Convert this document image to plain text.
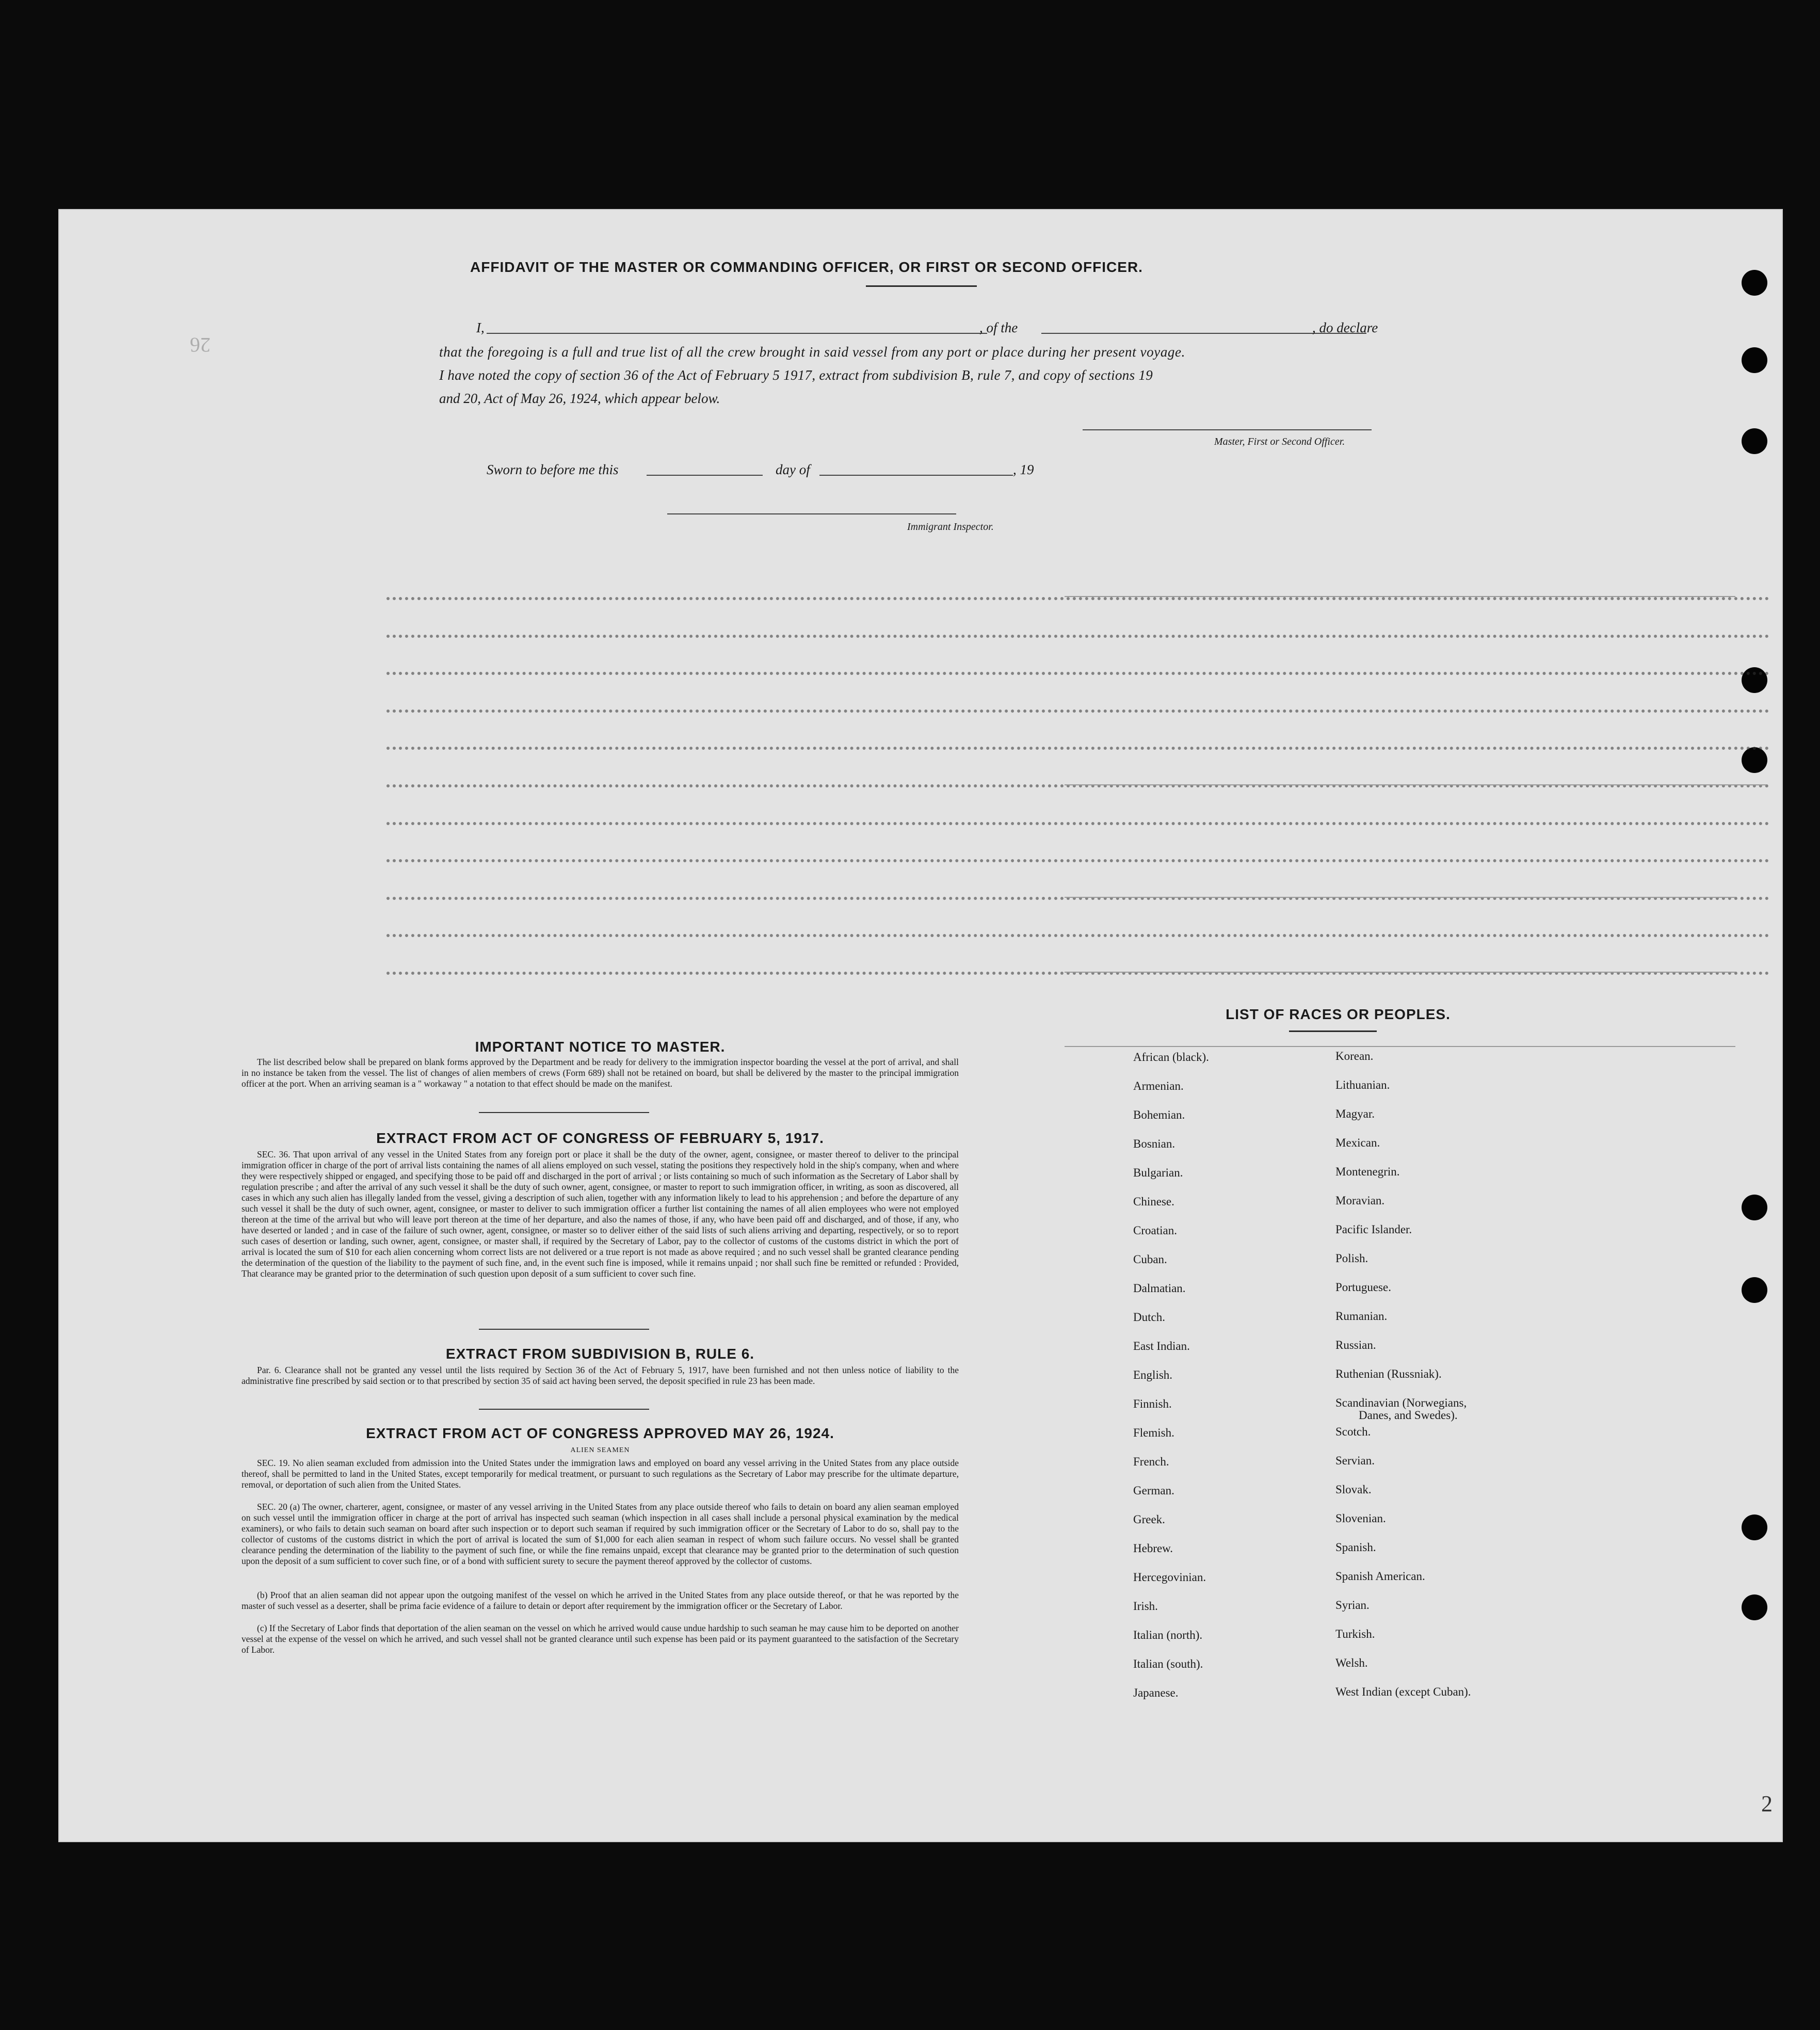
26
2
AFFIDAVIT OF THE MASTER OR COMMANDING OFFICER, OR FIRST OR SECOND OFFICER.
I,	, of the	, do declare
that the foregoing is a full and true list of all the crew brought in said vessel from any port or place during her present voyage.
I have noted the copy of section 36 of the Act of February 5 1917, extract from subdivision B, rule 7, and copy of sections 19
and 20, Act of May 26, 1924, which appear below.
Master, First or Second Officer.
Sworn to before me this	day of	, 19
Immigrant Inspector.
IMPORTANT NOTICE TO MASTER.
The list described below shall be prepared on blank forms approved by the Department and be ready for delivery to the immigration inspector boarding the vessel at the port of arrival, and shall in no instance be taken from the vessel. The list of changes of alien members of crews (Form 689) shall not be retained on board, but shall be delivered by the master to the principal immigration officer at the port. When an arriving seaman is a " workaway " a notation to that effect should be made on the manifest.
EXTRACT FROM ACT OF CONGRESS OF FEBRUARY 5, 1917.
SEC. 36. That upon arrival of any vessel in the United States from any foreign port or place it shall be the duty of the owner, agent, consignee, or master thereof to deliver to the principal immigration officer in charge of the port of arrival lists containing the names of all aliens employed on such vessel, stating the positions they respectively hold in the ship's company, when and where they were respectively shipped or engaged, and specifying those to be paid off and discharged in the port of arrival ; or lists containing so much of such information as the Secretary of Labor shall by regulation prescribe ; and after the arrival of any such vessel it shall be the duty of such owner, agent, consignee, or master to report to such immigration officer, in writing, as soon as discovered, all cases in which any such alien has illegally landed from the vessel, giving a description of such alien, together with any information likely to lead to his apprehension ; and before the departure of any such vessel it shall be the duty of such owner, agent, consignee, or master to deliver to such immigration officer a further list containing the names of all alien employees who were not employed thereon at the time of the arrival but who will leave port thereon at the time of her departure, and also the names of those, if any, who have been paid off and discharged, and of those, if any, who have deserted or landed ; and in case of the failure of such owner, agent, consignee, or master so to deliver either of the said lists of such aliens arriving and departing, respectively, or so to report such cases of desertion or landing, such owner, agent, consignee, or master shall, if required by the Secretary of Labor, pay to the collector of customs of the customs district in which the port of arrival is located the sum of $10 for each alien concerning whom correct lists are not delivered or a true report is not made as above required ; and no such vessel shall be granted clearance pending the determination of the question of the liability to the payment of such fine, and, in the event such fine is imposed, while it remains unpaid ; nor shall such fine be remitted or refunded : Provided, That clearance may be granted prior to the determination of such question upon deposit of a sum sufficient to cover such fine.
EXTRACT FROM SUBDIVISION B, RULE 6.
Par. 6. Clearance shall not be granted any vessel until the lists required by Section 36 of the Act of February 5, 1917, have been furnished and not then unless notice of liability to the administrative fine prescribed by said section or to that prescribed by section 35 of said act having been served, the deposit specified in rule 23 has been made.
EXTRACT FROM ACT OF CONGRESS APPROVED MAY 26, 1924.
ALIEN SEAMEN
SEC. 19. No alien seaman excluded from admission into the United States under the immigration laws and employed on board any vessel arriving in the United States from any place outside thereof, shall be permitted to land in the United States, except temporarily for medical treatment, or pursuant to such regulations as the Secretary of Labor may prescribe for the ultimate departure, removal, or deportation of such alien from the United States.
SEC. 20 (a) The owner, charterer, agent, consignee, or master of any vessel arriving in the United States from any place outside thereof who fails to detain on board any alien seaman employed on such vessel until the immigration officer in charge at the port of arrival has inspected such seaman (which inspection in all cases shall include a personal physical examination by the medical examiners), or who fails to detain such seaman on board after such inspection or to deport such seaman if required by such immigration officer or the Secretary of Labor to do so, shall pay to the collector of customs of the customs district in which the port of arrival is located the sum of $1,000 for each alien seaman in respect of whom such failure occurs. No vessel shall be granted clearance pending the determination of the liability to the payment of such fine, or while the fine remains unpaid, except that clearance may be granted prior to the determination of such question upon the deposit of a sum sufficient to cover such fine, or of a bond with sufficient surety to secure the payment thereof approved by the collector of customs.
(b) Proof that an alien seaman did not appear upon the outgoing manifest of the vessel on which he arrived in the United States from any place outside thereof, or that he was reported by the master of such vessel as a deserter, shall be prima facie evidence of a failure to detain or deport after requirement by the immigration officer or the Secretary of Labor.
(c) If the Secretary of Labor finds that deportation of the alien seaman on the vessel on which he arrived would cause undue hardship to such seaman he may cause him to be deported on another vessel at the expense of the vessel on which he arrived, and such vessel shall not be granted clearance until such expense has been paid or its payment guaranteed to the satisfaction of the Secretary of Labor.
LIST OF RACES OR PEOPLES.
African (black).
Armenian.
Bohemian.
Bosnian.
Bulgarian.
Chinese.
Croatian.
Cuban.
Dalmatian.
Dutch.
East Indian.
English.
Finnish.
Flemish.
French.
German.
Greek.
Hebrew.
Hercegovinian.
Irish.
Italian (north).
Italian (south).
Japanese.
Korean.
Lithuanian.
Magyar.
Mexican.
Montenegrin.
Moravian.
Pacific Islander.
Polish.
Portuguese.
Rumanian.
Russian.
Ruthenian (Russniak).
Scandinavian (Norwegians,
Danes, and Swedes).
Scotch.
Servian.
Slovak.
Slovenian.
Spanish.
Spanish American.
Syrian.
Turkish.
Welsh.
West Indian (except Cuban).
